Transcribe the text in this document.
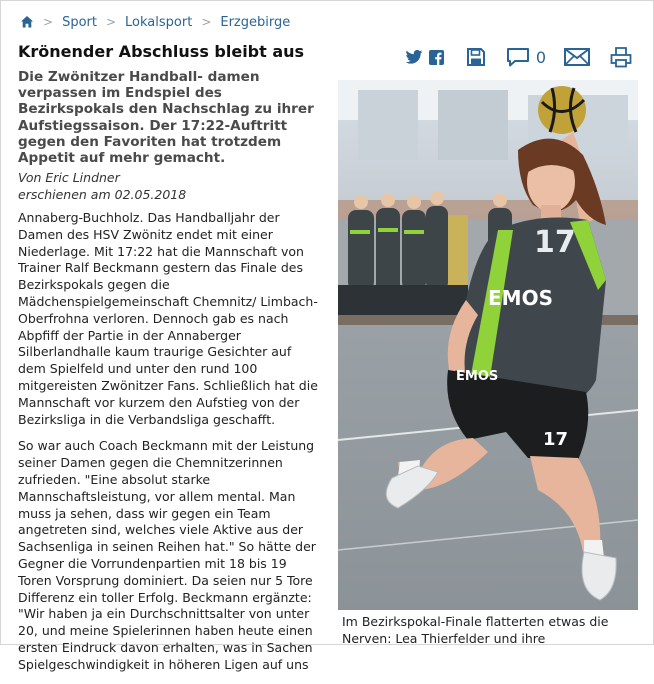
> Sport > Lokalsport > Erzgebirge
Krönender Abschluss bleibt aus	0

Die Zwönitzer Handball- damen verpassen im Endspiel des Bezirkspokals den Nachschlag zu ihrer Aufstiegssaison. Der 17:22-Auftritt gegen den Favoriten hat trotzdem Appetit auf mehr gemacht.

Von Eric Lindner
erschienen am 02.05.2018

Annaberg-Buchholz. Das Handballjahr der Damen des HSV Zwönitz endet mit einer Niederlage. Mit 17:22 hat die Mannschaft von Trainer Ralf Beckmann gestern das Finale des Bezirkspokals gegen die Mädchenspielgemeinschaft Chemnitz/ Limbach-Oberfrohna verloren. Dennoch gab es nach Abpfiff der Partie in der Annaberger Silberlandhalle kaum traurige Gesichter auf dem Spielfeld und unter den rund 100 mitgereisten Zwönitzer Fans. Schließlich hat die Mannschaft vor kurzem den Aufstieg von der Bezirksliga in die Verbandsliga geschafft.

So war auch Coach Beckmann mit der Leistung seiner Damen gegen die Chemnitzerinnen zufrieden. "Eine absolut starke Mannschaftsleistung, vor allem mental. Man muss ja sehen, dass wir gegen ein Team angetreten sind, welches viele Aktive aus der Sachsenliga in seinen Reihen hat." So hätte der Gegner die Vorrundenpartien mit 18 bis 19 Toren Vorsprung dominiert. Da seien nur 5 Tore Differenz ein toller Erfolg. Beckmann ergänzte: "Wir haben ja ein Durchschnittsalter von unter 20, und meine Spielerinnen haben heute einen ersten Eindruck davon erhalten, was in Sachen Spielgeschwindigkeit in höheren Ligen auf uns

17
EMOS
EMOS
17
Im Bezirkspokal-Finale flatterten etwas die Nerven: Lea Thierfelder und ihre
